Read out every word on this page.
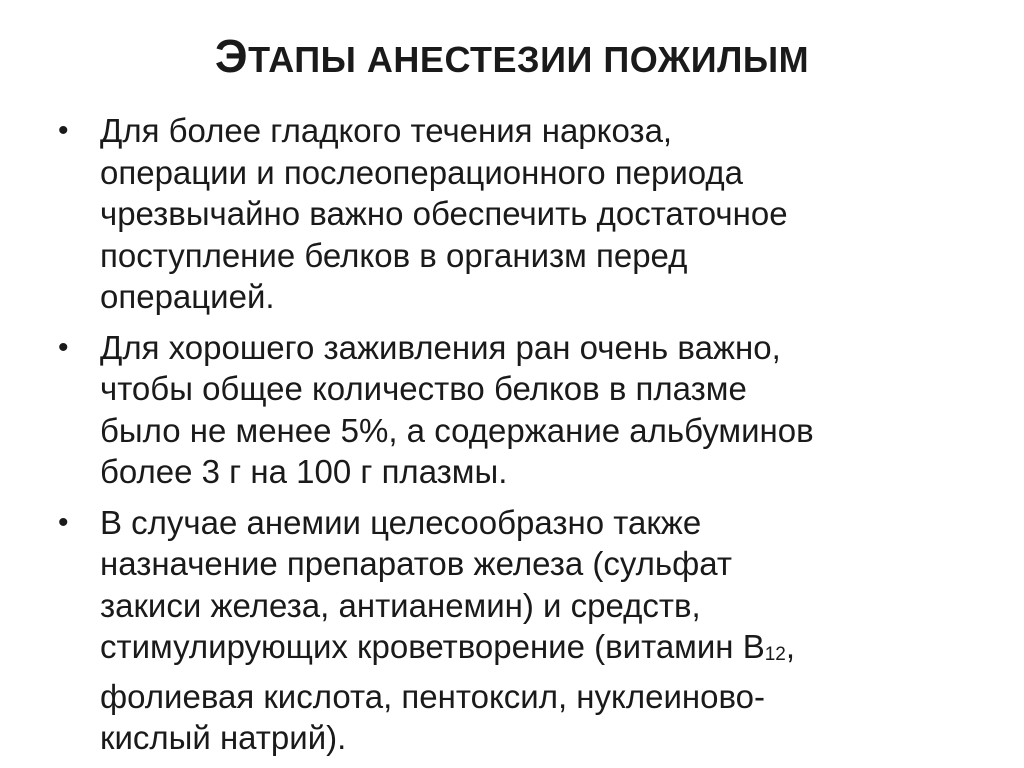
ЭТАПЫ АНЕСТЕЗИИ ПОЖИЛЫМ
• Для более гладкого течения наркоза,
операции и послеоперационного периода
чрезвычайно важно обеспечить достаточное
поступление белков в организм перед
операцией.
• Для хорошего заживления ран очень важно,
чтобы общее количество белков в плазме
было не менее 5%, а содержание альбуминов
более 3 г на 100 г плазмы.
• В случае анемии целесообразно также
назначение препаратов железа (сульфат
закиси железа, антианемин) и средств,
стимулирующих кроветворение (витамин B12,
фолиевая кислота, пентоксил, нуклеиново-
кислый натрий).
